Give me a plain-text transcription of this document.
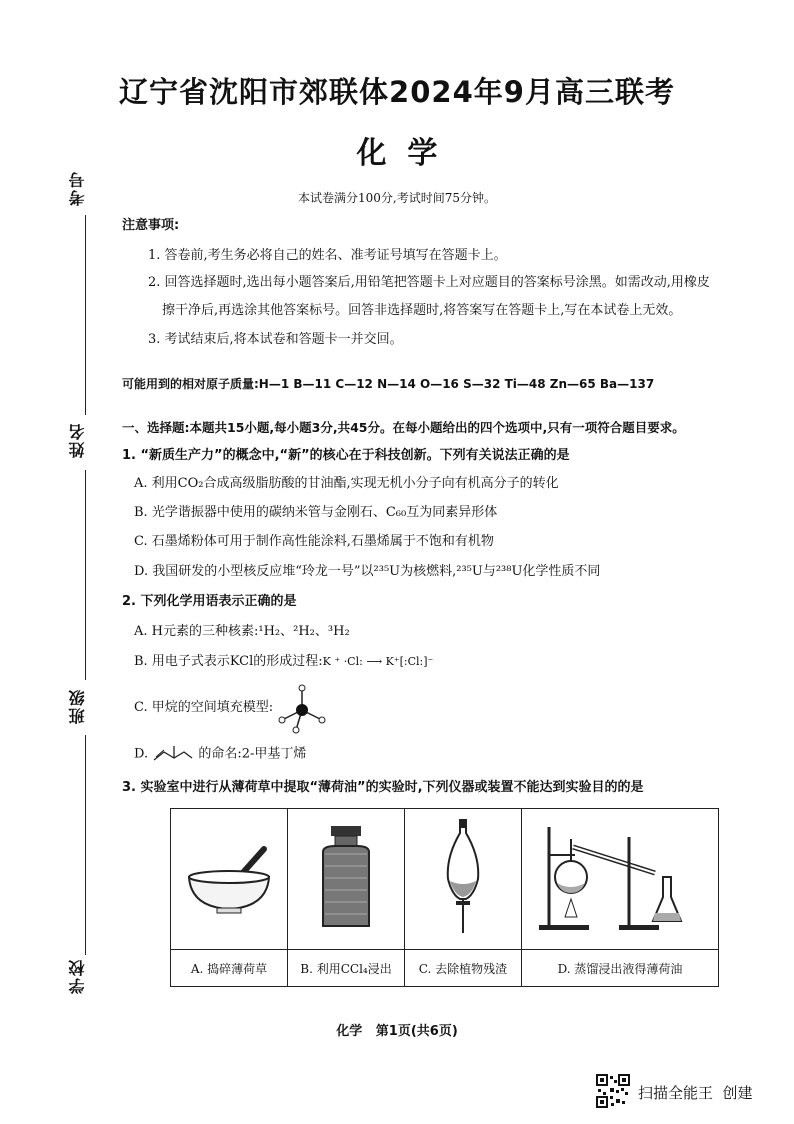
考号
姓名
班级
学校
辽宁省沈阳市郊联体2024年9月高三联考
化  学
本试卷满分100分,考试时间75分钟。
注意事项:
1. 答卷前,考生务必将自己的姓名、准考证号填写在答题卡上。
2. 回答选择题时,选出每小题答案后,用铅笔把答题卡上对应题目的答案标号涂黑。如需改动,用橡皮
擦干净后,再选涂其他答案标号。回答非选择题时,将答案写在答题卡上,写在本试卷上无效。
3. 考试结束后,将本试卷和答题卡一并交回。
可能用到的相对原子质量:H—1 B—11 C—12 N—14 O—16 S—32 Ti—48 Zn—65 Ba—137
一、选择题:本题共15小题,每小题3分,共45分。在每小题给出的四个选项中,只有一项符合题目要求。
1. “新质生产力”的概念中,“新”的核心在于科技创新。下列有关说法正确的是
A. 利用CO₂合成高级脂肪酸的甘油酯,实现无机小分子向有机高分子的转化
B. 光学谐振器中使用的碳纳米管与金刚石、C₆₀互为同素异形体
C. 石墨烯粉体可用于制作高性能涂料,石墨烯属于不饱和有机物
D. 我国研发的小型核反应堆“玲龙一号”以²³⁵U为核燃料,²³⁵U与²³⁸U化学性质不同
2. 下列化学用语表示正确的是
A. H元素的三种核素:¹H₂、²H₂、³H₂
B. 用电子式表示KCl的形成过程:K ⁺ ·Cl: ⟶ K⁺[:Cl:]⁻
C. 甲烷的空间填充模型:
D.	的命名:2-甲基丁烯
3. 实验室中进行从薄荷草中提取“薄荷油”的实验时,下列仪器或装置不能达到实验目的的是

A. 捣碎薄荷草	B. 利用CCl₄浸出	C. 去除植物残渣	D. 蒸馏浸出液得薄荷油
化学   第1页(共6页)
扫描全能王  创建
